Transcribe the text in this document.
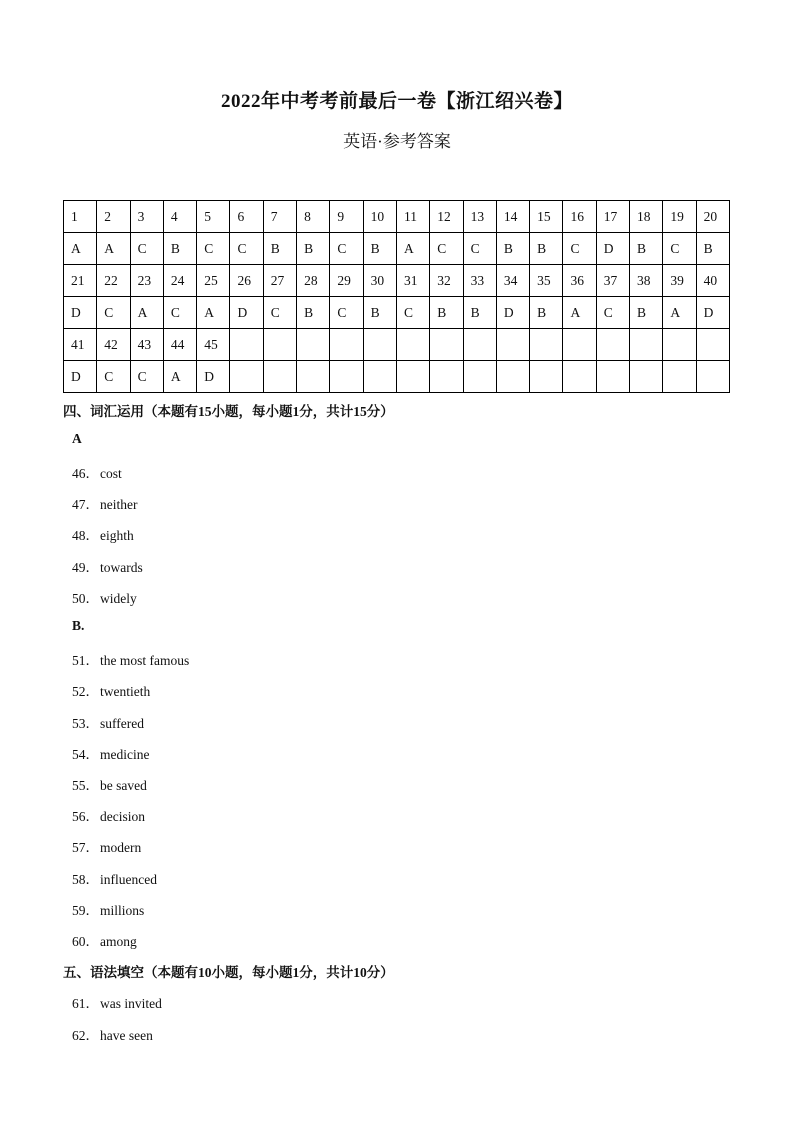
2022年中考考前最后一卷【浙江绍兴卷】
英语·参考答案
1	2	3	4	5	6	7	8	9	10	11	12	13	14	15	16	17	18	19	20
A	A	C	B	C	C	B	B	C	B	A	C	C	B	B	C	D	B	C	B
21	22	23	24	25	26	27	28	29	30	31	32	33	34	35	36	37	38	39	40
D	C	A	C	A	D	C	B	C	B	C	B	B	D	B	A	C	B	A	D
41	42	43	44	45															
D	C	C	A	D															
四、词汇运用（本题有15小题，每小题1分，共计15分）
A
46．cost
47．neither
48．eighth
49．towards
50．widely
B.
51．the most famous
52．twentieth
53．suffered
54．medicine
55．be saved
56．decision
57．modern
58．influenced
59．millions
60．among
五、语法填空（本题有10小题，每小题1分，共计10分）
61．was invited
62．have seen
